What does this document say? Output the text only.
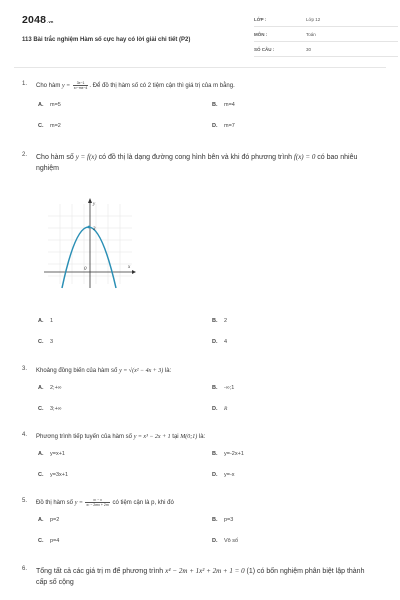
2048.vn
113 Bài trắc nghiệm Hàm số cực hay có lời giải chi tiết (P2)
LỚP :	Lớp 12
MÔN :	Toán
SỐ CÂU :	30
1. Cho hàm $y = \frac{3x-1}{\text{x²−mx−4}}$ . Để đồ thị hàm số có 2 tiệm cận thì giá trị của m bằng.
A. m=5	B. m=4
C. m=2	D. m=7
2. Cho hàm số y = f(x) có đồ thị là dạng đường cong hình bên và khi đó phương trình f(x) = 0 có bao nhiêu nghiệm
A. 1	B. 2
C. 3	D. 4
y
x
0
3
3. Khoảng đồng biến của hàm số y = √(x² − 4x + 3) là:
A. 2;+∞	B. -∞;1
C. 3;+∞	D. R
4. Phương trình tiếp tuyến của hàm số y = x³ − 2x + 1 tại M(0;1) là:
A. y=x+1	B. y=-2x+1
C. y=3x+1	D. y=-x
5. Đồ thị hàm số $y = \frac{\text{x² − x}}{\text{x² − 2mx + 2m}}$ có tiệm cận là p, khi đó
A. p=2	B. p=3
C. p=4	D. Vô số
6. Tổng tất cả các giá trị m để phương trình x⁴ − 2m + 1x² + 2m + 1 = 0 (1) có bốn nghiệm phân biệt lập thành cấp số cộng
